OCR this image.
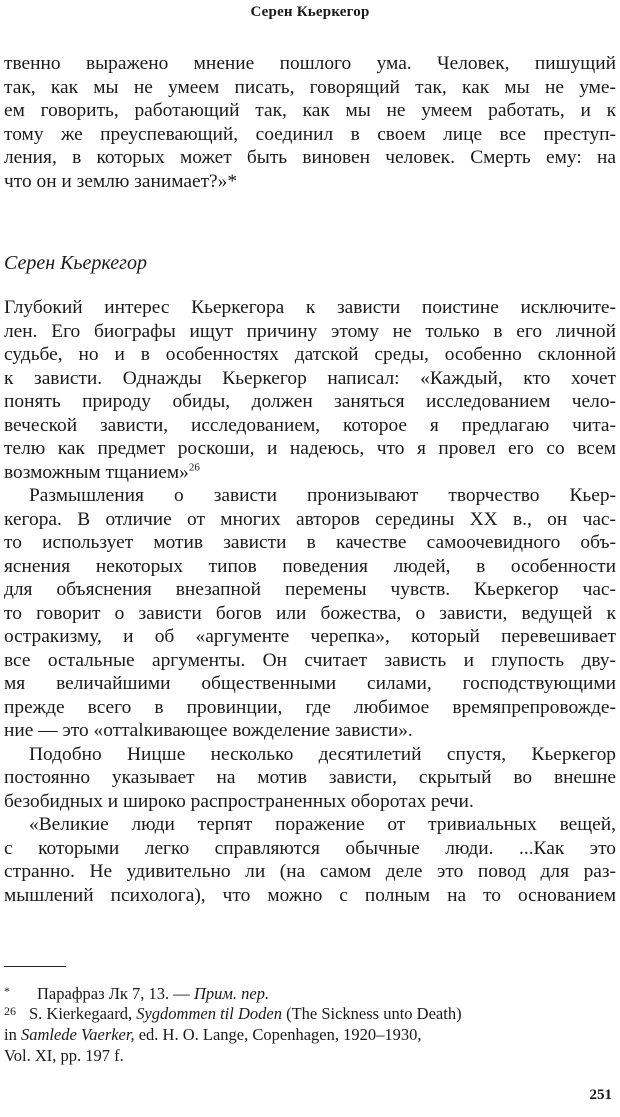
Серен Кьеркегор
твенно выражено мнение пошлого ума. Человек, пишущий
так, как мы не умеем писать, говорящий так, как мы не уме-
ем говорить, работающий так, как мы не умеем работать, и к
тому же преуспевающий, соединил в своем лице все преступ-
ления, в которых может быть виновен человек. Смерть ему: на
что он и землю занимает?»*
Серен Кьеркегор
Глубокий интерес Кьеркегора к зависти поистине исключите-
лен. Его биографы ищут причину этому не только в его личной
судьбе, но и в особенностях датской среды, особенно склонной
к зависти. Однажды Кьеркегор написал: «Каждый, кто хочет
понять природу обиды, должен заняться исследованием чело-
веческой зависти, исследованием, которое я предлагаю чита-
телю как предмет роскоши, и надеюсь, что я провел его со всем
возможным тщанием»$^{26}$
Размышления о зависти пронизывают творчество Кьер-
кегора. В отличие от многих авторов середины XX в., он час-
то использует мотив зависти в качестве самоочевидного объ-
яснения некоторых типов поведения людей, в особенности
для объяснения внезапной перемены чувств. Кьеркегор час-
то говорит о зависти богов или божества, о зависти, ведущей к
остракизму, и об «аргументе черепка», который перевешивает
все остальные аргументы. Он считает зависть и глупость дву-
мя величайшими общественными силами, господствующими
прежде всего в провинции, где любимое времяпрепровожде-
ние — это «оттalкивающее вожделение зависти».
Подобно Ницше несколько десятилетий спустя, Кьеркегор
постоянно указывает на мотив зависти, скрытый во внешне
безобидных и широко распространенных оборотах речи.
«Великие люди терпят поражение от тривиальных вещей,
с которыми легко справляются обычные люди. ...Как это
странно. Не удивительно ли (на самом деле это повод для раз-
мышлений психолога), что можно с полным на то основанием
* Парафраз Лк 7, 13. — Прим. пер.
26 S. Kierkegaard, Sygdommen til Doden (The Sickness unto Death)
in Samlede Vaerker, ed. H. O. Lange, Copenhagen, 1920–1930,
Vol. XI, pp. 197 f.
251
